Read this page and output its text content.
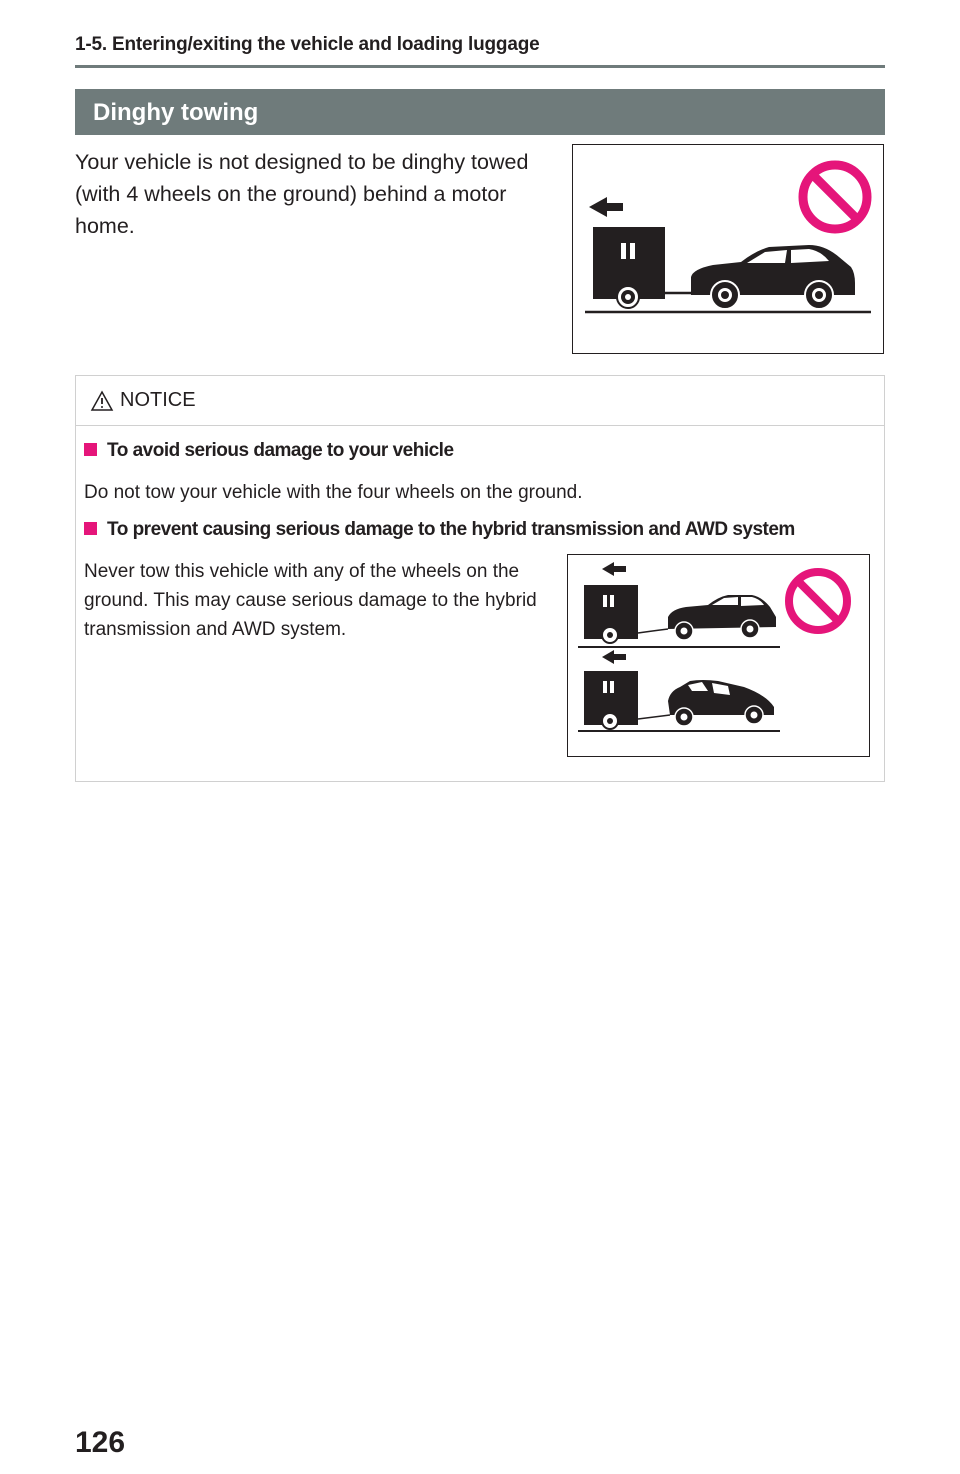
1-5. Entering/exiting the vehicle and loading luggage
Dinghy towing

Your vehicle is not designed to be dinghy towed (with 4 wheels on the ground) behind a motor home.

NOTICE
To avoid serious damage to your vehicle

Do not tow your vehicle with the four wheels on the ground.

To prevent causing serious damage to the hybrid transmission and AWD system

Never tow this vehicle with any of the wheels on the ground. This may cause serious damage to the hybrid transmission and AWD system.

126
